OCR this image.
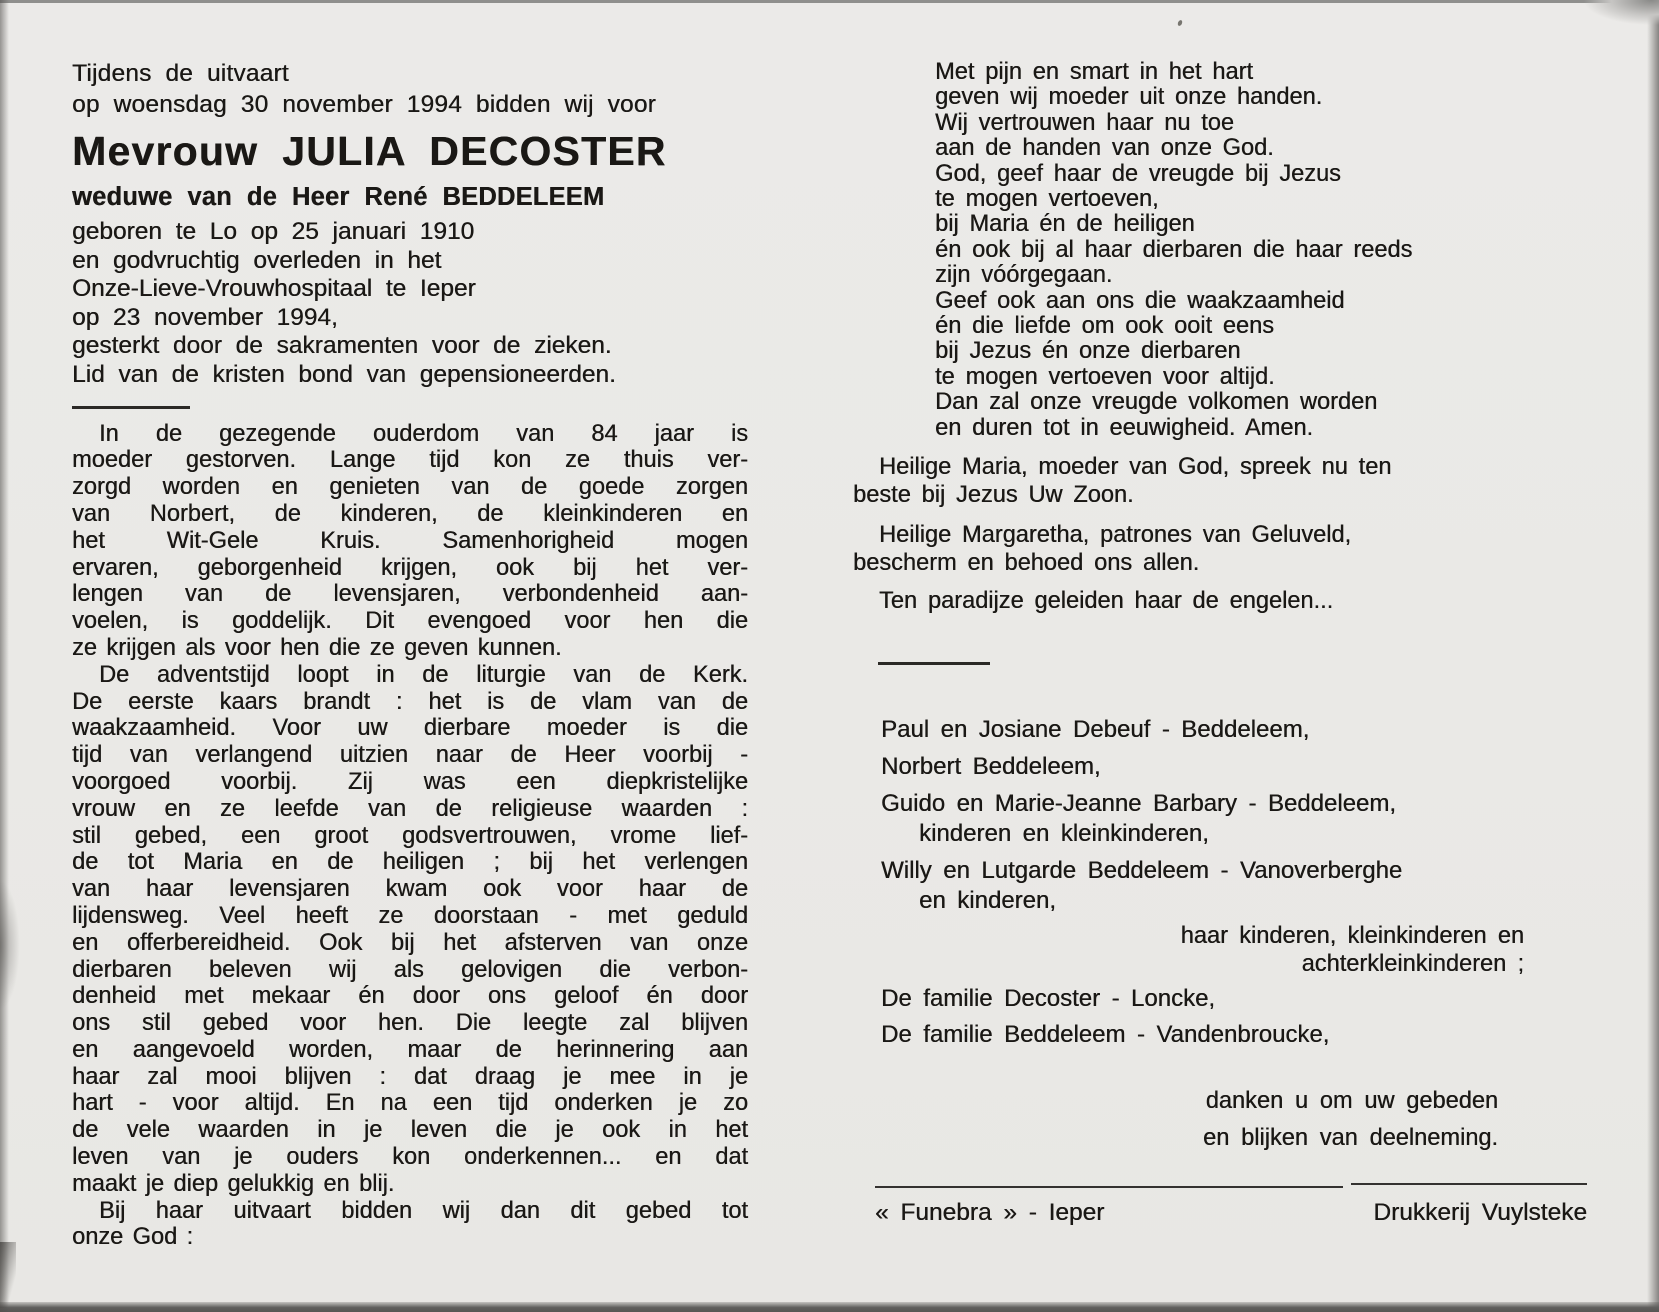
Tijdens de uitvaart
op woensdag 30 november 1994 bidden wij voor
Mevrouw JULIA DECOSTER
weduwe van de Heer René BEDDELEEM
geboren te Lo op 25 januari 1910
en godvruchtig overleden in het
Onze-Lieve-Vrouwhospitaal te Ieper
op 23 november 1994,
gesterkt door de sakramenten voor de zieken.
Lid van de kristen bond van gepensioneerden.
In de gezegende ouderdom van 84 jaar is
moeder gestorven. Lange tijd kon ze thuis ver-
zorgd worden en genieten van de goede zorgen
van Norbert, de kinderen, de kleinkinderen en
het Wit-Gele Kruis. Samenhorigheid mogen
ervaren, geborgenheid krijgen, ook bij het ver-
lengen van de levensjaren, verbondenheid aan-
voelen, is goddelijk. Dit evengoed voor hen die
ze krijgen als voor hen die ze geven kunnen.
De adventstijd loopt in de liturgie van de Kerk.
De eerste kaars brandt : het is de vlam van de
waakzaamheid. Voor uw dierbare moeder is die
tijd van verlangend uitzien naar de Heer voorbij -
voorgoed voorbij. Zij was een diepkristelijke
vrouw en ze leefde van de religieuse waarden :
stil gebed, een groot godsvertrouwen, vrome lief-
de tot Maria en de heiligen ; bij het verlengen
van haar levensjaren kwam ook voor haar de
lijdensweg. Veel heeft ze doorstaan - met geduld
en offerbereidheid. Ook bij het afsterven van onze
dierbaren beleven wij als gelovigen die verbon-
denheid met mekaar én door ons geloof én door
ons stil gebed voor hen. Die leegte zal blijven
en aangevoeld worden, maar de herinnering aan
haar zal mooi blijven : dat draag je mee in je
hart - voor altijd. En na een tijd onderken je zo
de vele waarden in je leven die je ook in het
leven van je ouders kon onderkennen... en dat
maakt je diep gelukkig en blij.
Bij haar uitvaart bidden wij dan dit gebed tot
onze God :
Met pijn en smart in het hart
geven wij moeder uit onze handen.
Wij vertrouwen haar nu toe
aan de handen van onze God.
God, geef haar de vreugde bij Jezus
te mogen vertoeven,
bij Maria én de heiligen
én ook bij al haar dierbaren die haar reeds
zijn vóórgegaan.
Geef ook aan ons die waakzaamheid
én die liefde om ook ooit eens
bij Jezus én onze dierbaren
te mogen vertoeven voor altijd.
Dan zal onze vreugde volkomen worden
en duren tot in eeuwigheid. Amen.
Heilige Maria, moeder van God, spreek nu ten
beste bij Jezus Uw Zoon.
Heilige Margaretha, patrones van Geluveld,
bescherm en behoed ons allen.
Ten paradijze geleiden haar de engelen...
Paul en Josiane Debeuf - Beddeleem,
Norbert Beddeleem,
Guido en Marie-Jeanne Barbary - Beddeleem,
kinderen en kleinkinderen,
Willy en Lutgarde Beddeleem - Vanoverberghe
en kinderen,
haar kinderen, kleinkinderen en
achterkleinkinderen ;
De familie Decoster - Loncke,
De familie Beddeleem - Vandenbroucke,
danken u om uw gebeden
en blijken van deelneming.
« Funebra » - Ieper	Drukkerij Vuylsteke
